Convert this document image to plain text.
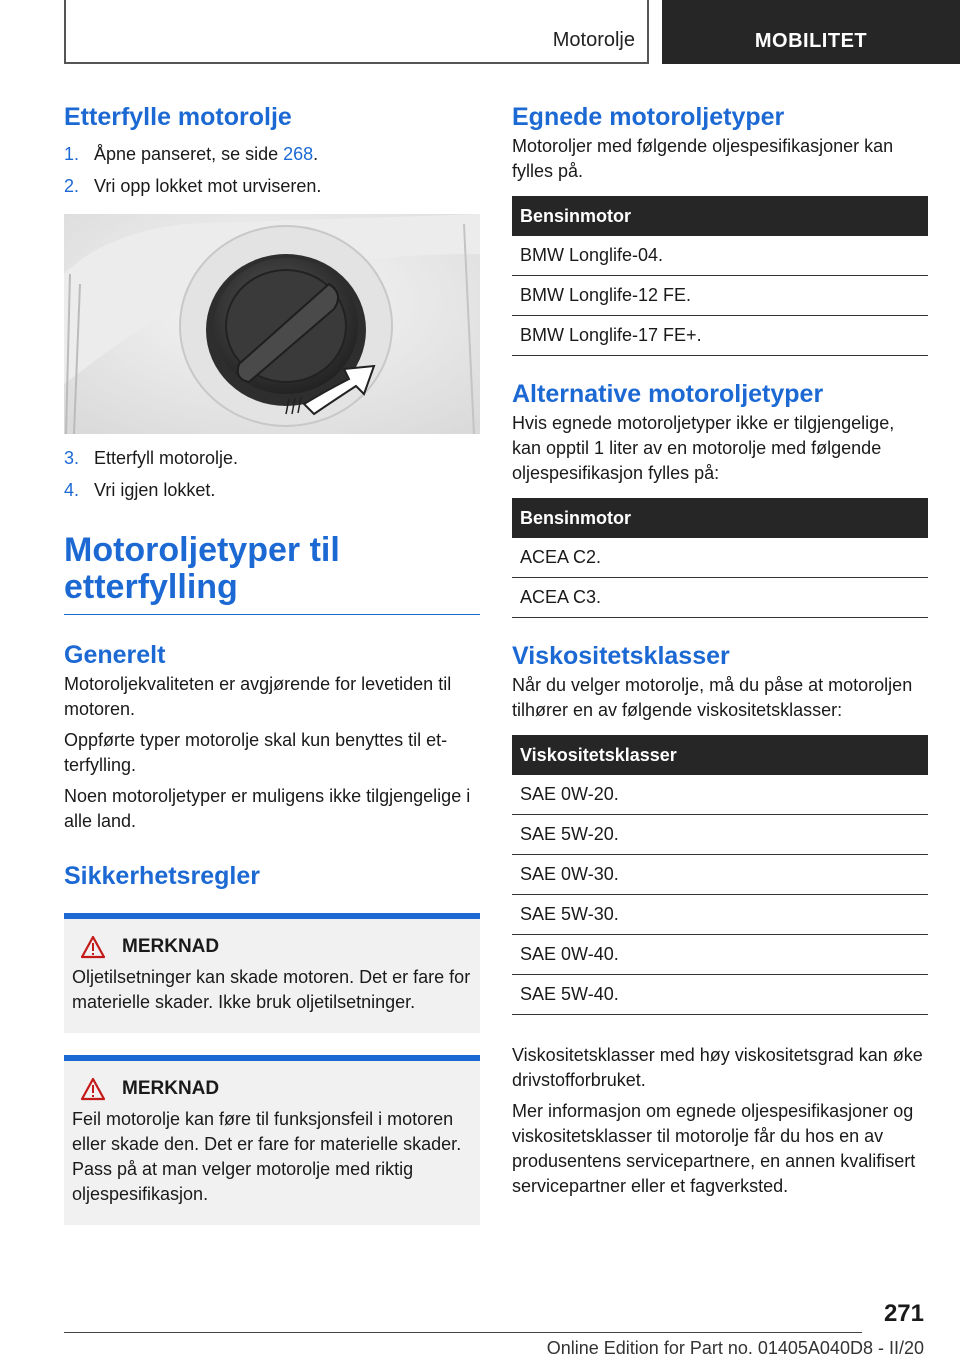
Motorolje	MOBILITET
Etterfylle motorolje
1. Åpne panseret, se side 268.
2. Vri opp lokket mot urviseren.
3. Etterfyll motorolje.
4. Vri igjen lokket.
Motoroljetyper til etterfylling
Generelt

Motoroljekvaliteten er avgjørende for levetiden til motoren.

Oppførte typer motorolje skal kun benyttes til etterfylling.

Noen motoroljetyper er muligens ikke tilgjengelige i alle land.

Sikkerhetsregler
MERKNAD

Oljetilsetninger kan skade motoren. Det er fare for materielle skader. Ikke bruk oljetilsetninger.

MERKNAD

Feil motorolje kan føre til funksjonsfeil i motoren eller skade den. Det er fare for materielle skader. Pass på at man velger motorolje med riktig oljespesifikasjon.

Egnede motoroljetyper

Motoroljer med følgende oljespesifikasjoner kan fylles på.

Bensinmotor
BMW Longlife-04.
BMW Longlife-12 FE.
BMW Longlife-17 FE+.
Alternative motoroljetyper

Hvis egnede motoroljetyper ikke er tilgjengelige, kan opptil 1 liter av en motorolje med følgende oljespesifikasjon fylles på:

Bensinmotor
ACEA C2.
ACEA C3.
Viskositetsklasser

Når du velger motorolje, må du påse at motoroljen tilhører en av følgende viskositetsklasser:

Viskositetsklasser
SAE 0W-20.
SAE 5W-20.
SAE 0W-30.
SAE 5W-30.
SAE 0W-40.
SAE 5W-40.

Viskositetsklasser med høy viskositetsgrad kan øke drivstofforbruket.

Mer informasjon om egnede oljespesifikasjoner og viskositetsklasser til motorolje får du hos en av produsentens servicepartnere, en annen kvalifisert servicepartner eller et fagverksted.

271
Online Edition for Part no. 01405A040D8 - II/20
